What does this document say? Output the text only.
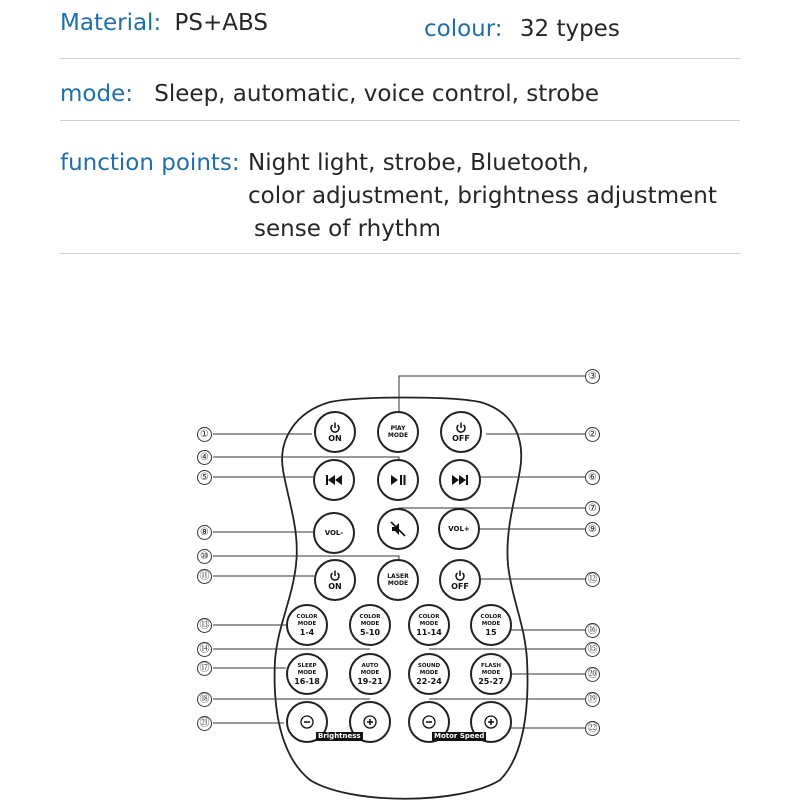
Material: PS+ABS	colour: 32 types
mode: Sleep, automatic, voice control, strobe
function points: Night light, strobe, Bluetooth,
color adjustment, brightness adjustment
sense of rhythm
ON
PlAY
MODE	OFF
VOL-	VOL+
ON
LASER
MODE	OFF
COLOR
MODE
1-4
COLOR
MODE
5-10
COLOR
MODE
11-14
COLOR
MODE
15
SLEEP
MODE
16-18
AUTO
MODE
19-21
SOUND
MODE
22-24
FLASH
MODE
25-27
Brightness	Motor Speed
①	②
③
④
⑤	⑥
⑦
⑧	⑨
⑩
⑪	⑫
⑬
⑭	⑮
⑯
⑰
⑱	⑲
⑳
㉑	㉒
